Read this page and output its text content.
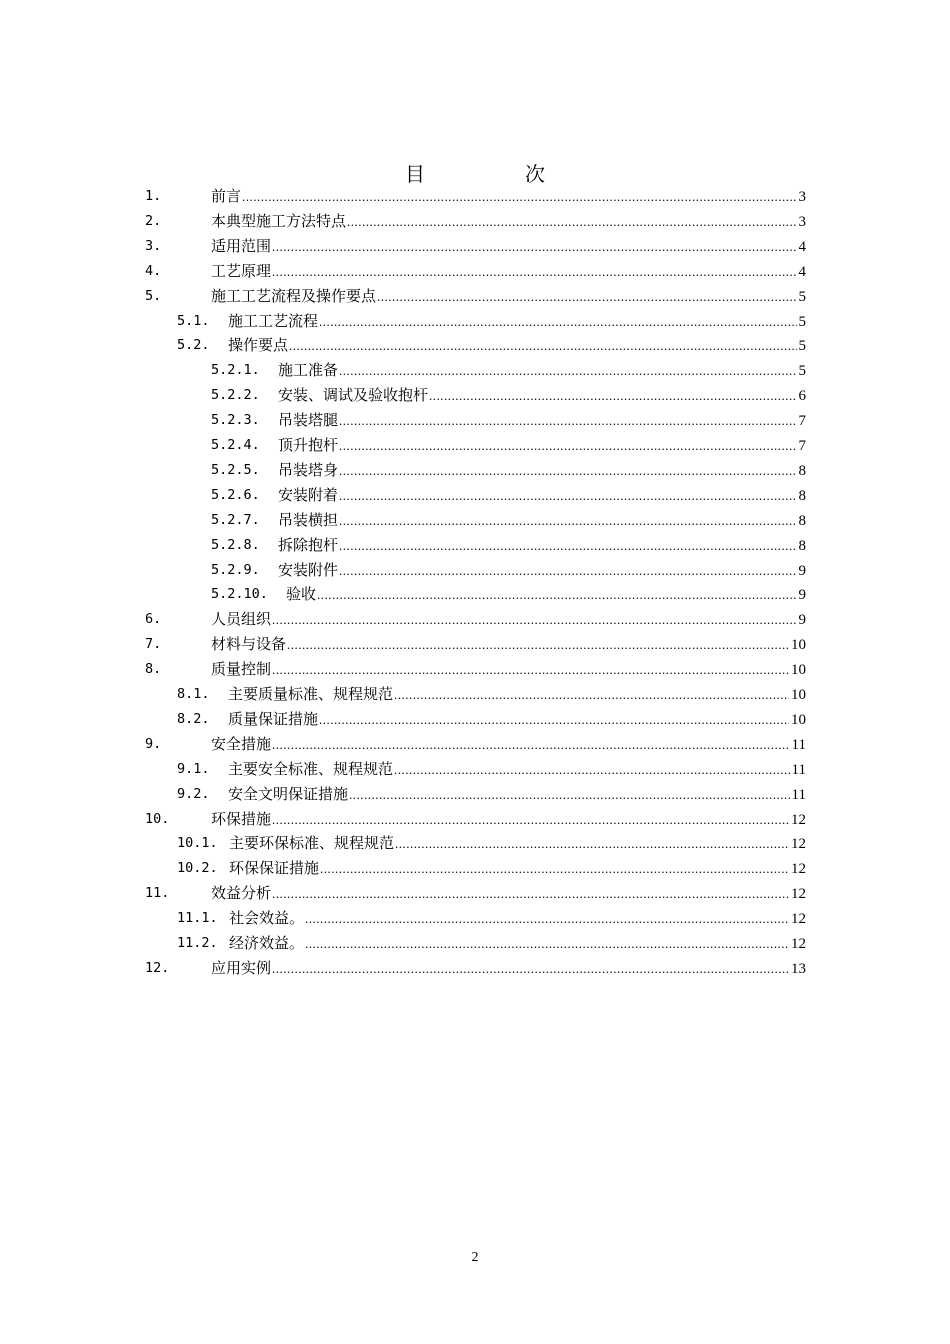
目　次
1.	前言 .....	3
2.	本典型施工方法特点 .....	3
3.	适用范围 .....	4
4.	工艺原理 .....	4
5.	施工工艺流程及操作要点 .....	5
5.1. 施工工艺流程 .....	5
5.2. 操作要点 .....	5
5.2.1. 施工准备 .....	5
5.2.2. 安装、调试及验收抱杆 .....	6
5.2.3. 吊装塔腿 .....	7
5.2.4. 顶升抱杆 .....	7
5.2.5. 吊装塔身 .....	8
5.2.6. 安装附着 .....	8
5.2.7. 吊装横担 .....	8
5.2.8. 拆除抱杆 .....	8
5.2.9. 安装附件 .....	9
5.2.10. 验收 .....	9
6.	人员组织 .....	9
7.	材料与设备 .....	10
8.	质量控制 .....	10
8.1. 主要质量标准、规程规范 .....	10
8.2. 质量保证措施 .....	10
9.	安全措施 .....	11
9.1. 主要安全标准、规程规范 .....	11
9.2. 安全文明保证措施 .....	11
10.	环保措施 .....	12
10.1. 主要环保标准、规程规范 .....	12
10.2. 环保保证措施 .....	12
11.	效益分析 .....	12
11.1. 社会效益。 .....	12
11.2. 经济效益。 .....	12
12.	应用实例 .....	13
2
